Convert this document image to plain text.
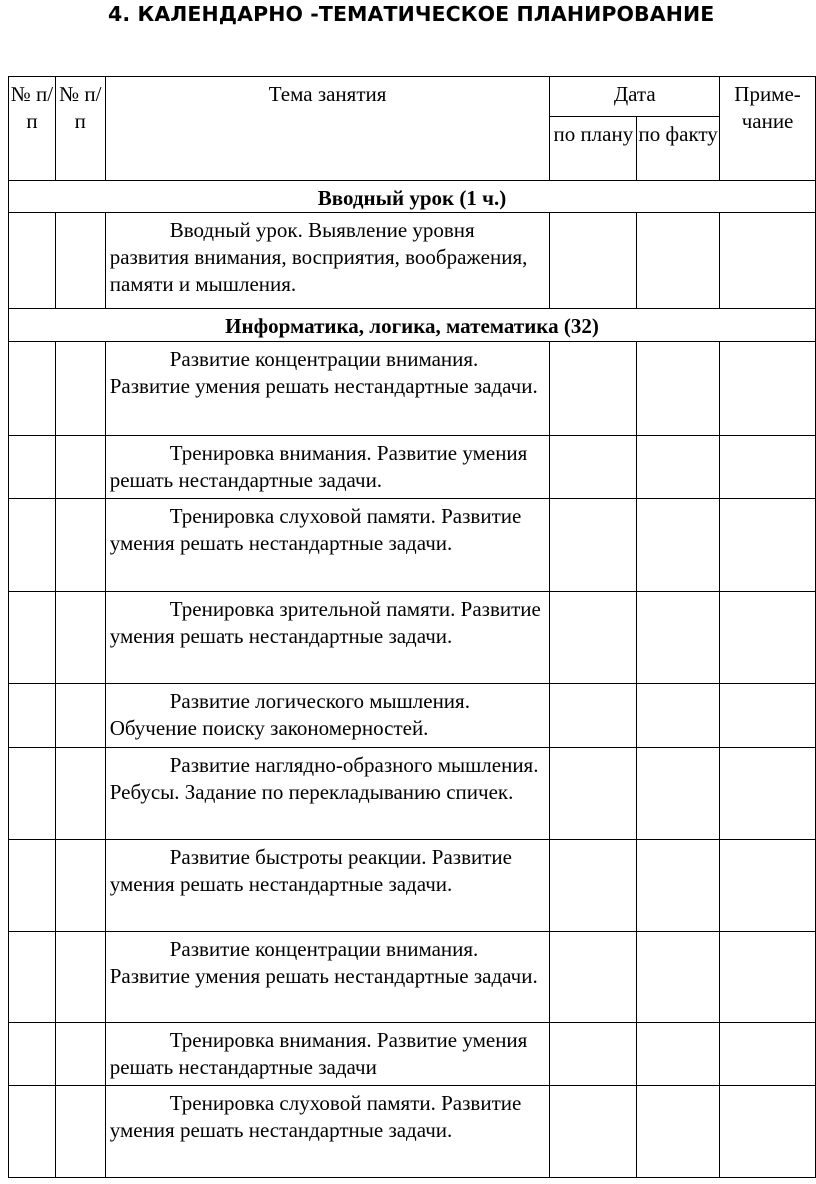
4. КАЛЕНДАРНО -ТЕМАТИЧЕСКОЕ ПЛАНИРОВАНИЕ
№ п/п	№ п/п	Тема занятия	Дата		Приме-чание
			по плану	по факту	
Вводный урок (1 ч.)					
		Вводный урок. Выявление уровня развития внимания, восприятия, воображения, памяти и мышления.			
Информатика, логика, математика (32)					
		Развитие концентрации внимания. Развитие умения решать нестандартные задачи.			
		Тренировка внимания. Развитие умения решать нестандартные задачи.			
		Тренировка слуховой памяти. Развитие умения решать нестандартные задачи.			
		Тренировка зрительной памяти. Развитие умения решать нестандартные задачи.			
		Развитие логического мышления. Обучение поиску закономерностей.			
		Развитие наглядно-образного мышления. Ребусы. Задание по перекладыванию спичек.			
		Развитие быстроты реакции. Развитие умения решать нестандартные задачи.			
		Развитие концентрации внимания. Развитие умения решать нестандартные задачи.			
		Тренировка внимания. Развитие умения решать нестандартные задачи			
		Тренировка слуховой памяти. Развитие умения решать нестандартные задачи.			
